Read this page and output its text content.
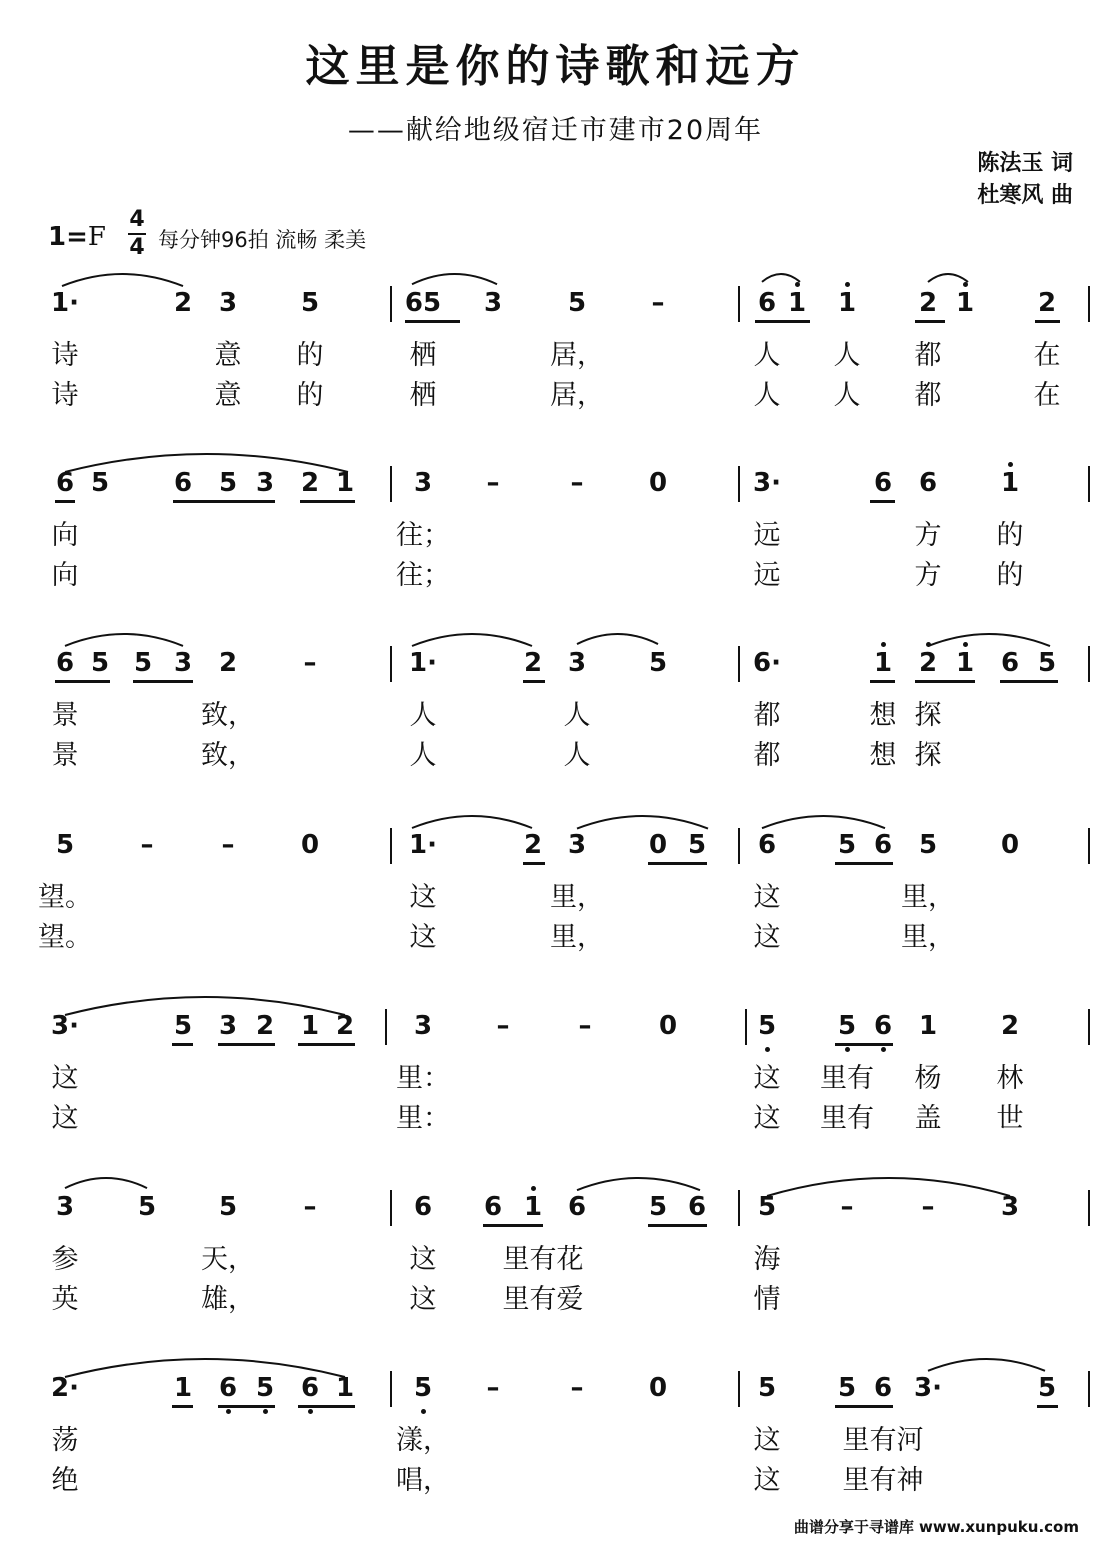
这里是你的诗歌和远方
——献给地级宿迁市建市20周年
陈法玉 词
杜寒风 曲
1=F
4
4 每分钟96拍 流畅 柔美
1·	2 3 5	65 3	5	–	6 1 1 2 1 2
诗	意 的	栖	居，	人 人 都	在
诗	意 的	栖	居，	人 人 都	在
6 5 6 5 3 2 1 3 –	–	0	3·	6 6 1
向	往；	远	方 的
向	往；	远	方 的
6 5 5 3 2	–	1·	2 3 5	6·	1 2 1 6 5
景	致，	人	人	都	想 探
景	致，	人	人	都	想 探
5	–	–	0	1·	2 3 0 5 6 5 6 5 0
望。	这	里，	这	里，
望。	这	里，	这	里，
3·	5 3 2 1 2 3 –	–	0	5 5 6 1 2
这	里：	这 里有 杨 林
这	里：	这 里有 盖 世
3 5 5	–	6 6 1 6 5 6 5 –	–	3
参	天，	这 里有花	海
英	雄，	这 里有爱	情
2·	1 6 5 6 1 5 –	–	0	5 5 6 3·	5
荡	漾，	这 里有河
绝	唱，	这 里有神
曲谱分享于寻谱库 www.xunpuku.com
